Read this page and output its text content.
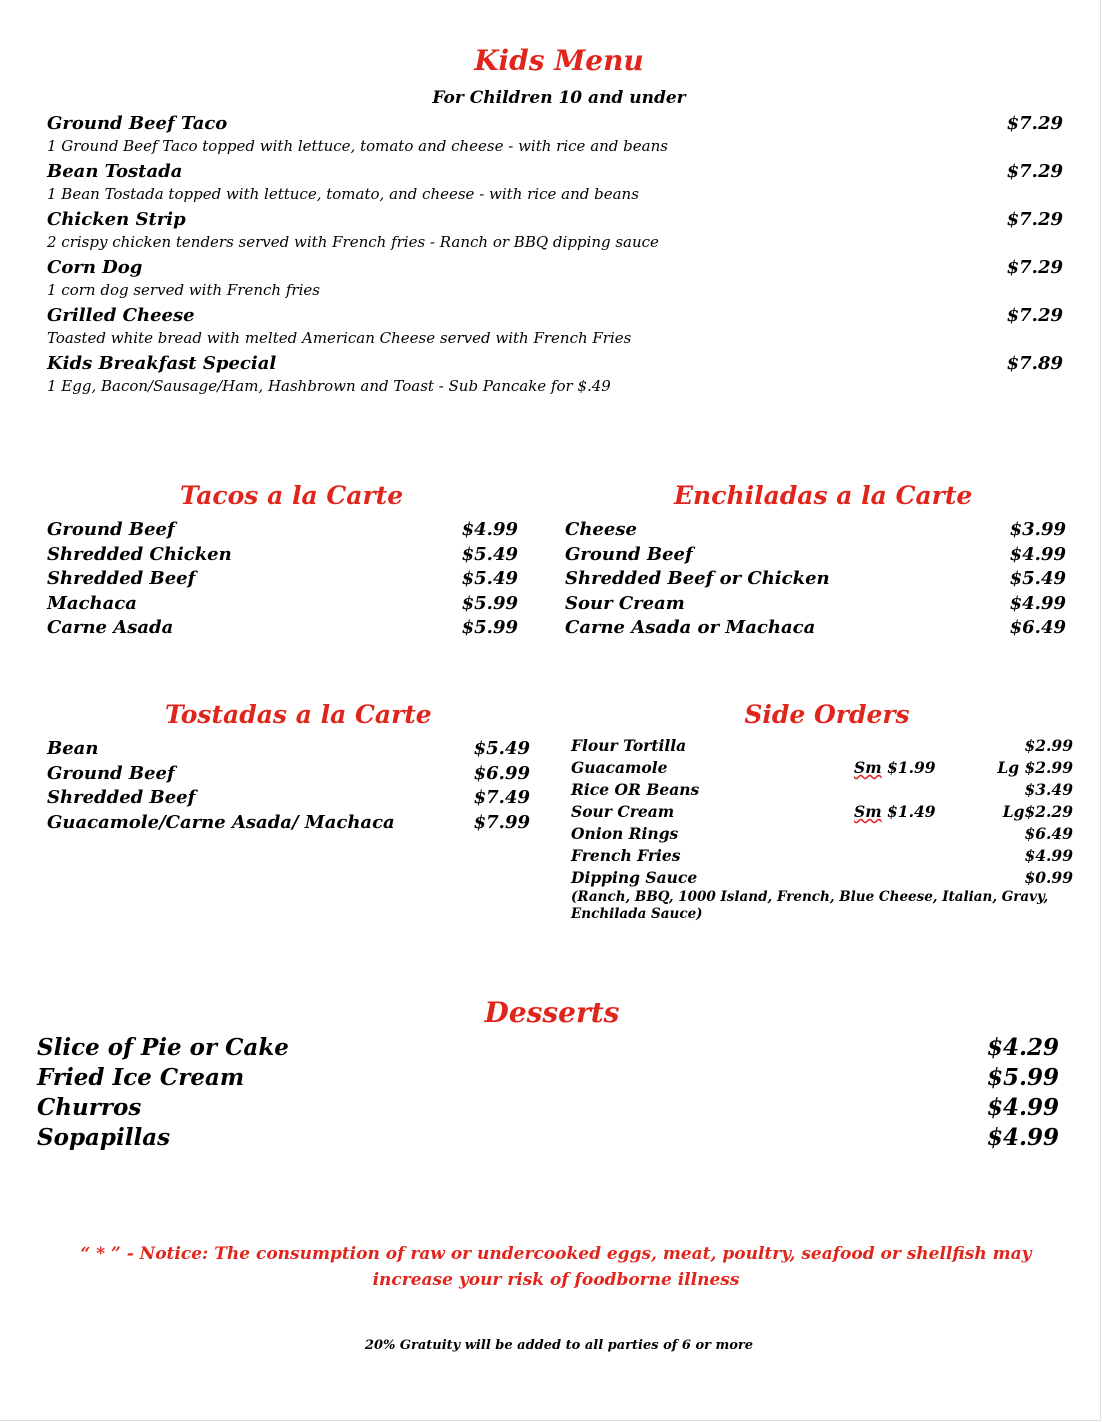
Kids Menu
For Children 10 and under
Ground Beef Taco	$7.29
1 Ground Beef Taco topped with lettuce, tomato and cheese - with rice and beans
Bean Tostada	$7.29
1 Bean Tostada topped with lettuce, tomato, and cheese - with rice and beans
Chicken Strip	$7.29
2 crispy chicken tenders served with French fries - Ranch or BBQ dipping sauce
Corn Dog	$7.29
1 corn dog served with French fries
Grilled Cheese	$7.29
Toasted white bread with melted American Cheese served with French Fries
Kids Breakfast Special	$7.89
1 Egg, Bacon/Sausage/Ham, Hashbrown and Toast - Sub Pancake for $.49
Tacos a la Carte
Ground Beef	$4.99
Shredded Chicken	$5.49
Shredded Beef	$5.49
Machaca	$5.99
Carne Asada	$5.99
Enchiladas a la Carte
Cheese	$3.99
Ground Beef	$4.99
Shredded Beef or Chicken	$5.49
Sour Cream	$4.99
Carne Asada or Machaca	$6.49
Tostadas a la Carte
Bean	$5.49
Ground Beef	$6.99
Shredded Beef	$7.49
Guacamole/Carne Asada/ Machaca	$7.99
Side Orders
Flour Tortilla	$2.99
Guacamole	Sm $1.99	Lg $2.99
Rice OR Beans	$3.49
Sour Cream	Sm $1.49	Lg$2.29
Onion Rings	$6.49
French Fries	$4.99
Dipping Sauce	$0.99
(Ranch, BBQ, 1000 Island, French, Blue Cheese, Italian, Gravy, Enchilada Sauce)
Desserts
Slice of Pie or Cake	$4.29
Fried Ice Cream	$5.99
Churros	$4.99
Sopapillas	$4.99
“ * ” - Notice: The consumption of raw or undercooked eggs, meat, poultry, seafood or shellfish may increase your risk of foodborne illness
20% Gratuity will be added to all parties of 6 or more
